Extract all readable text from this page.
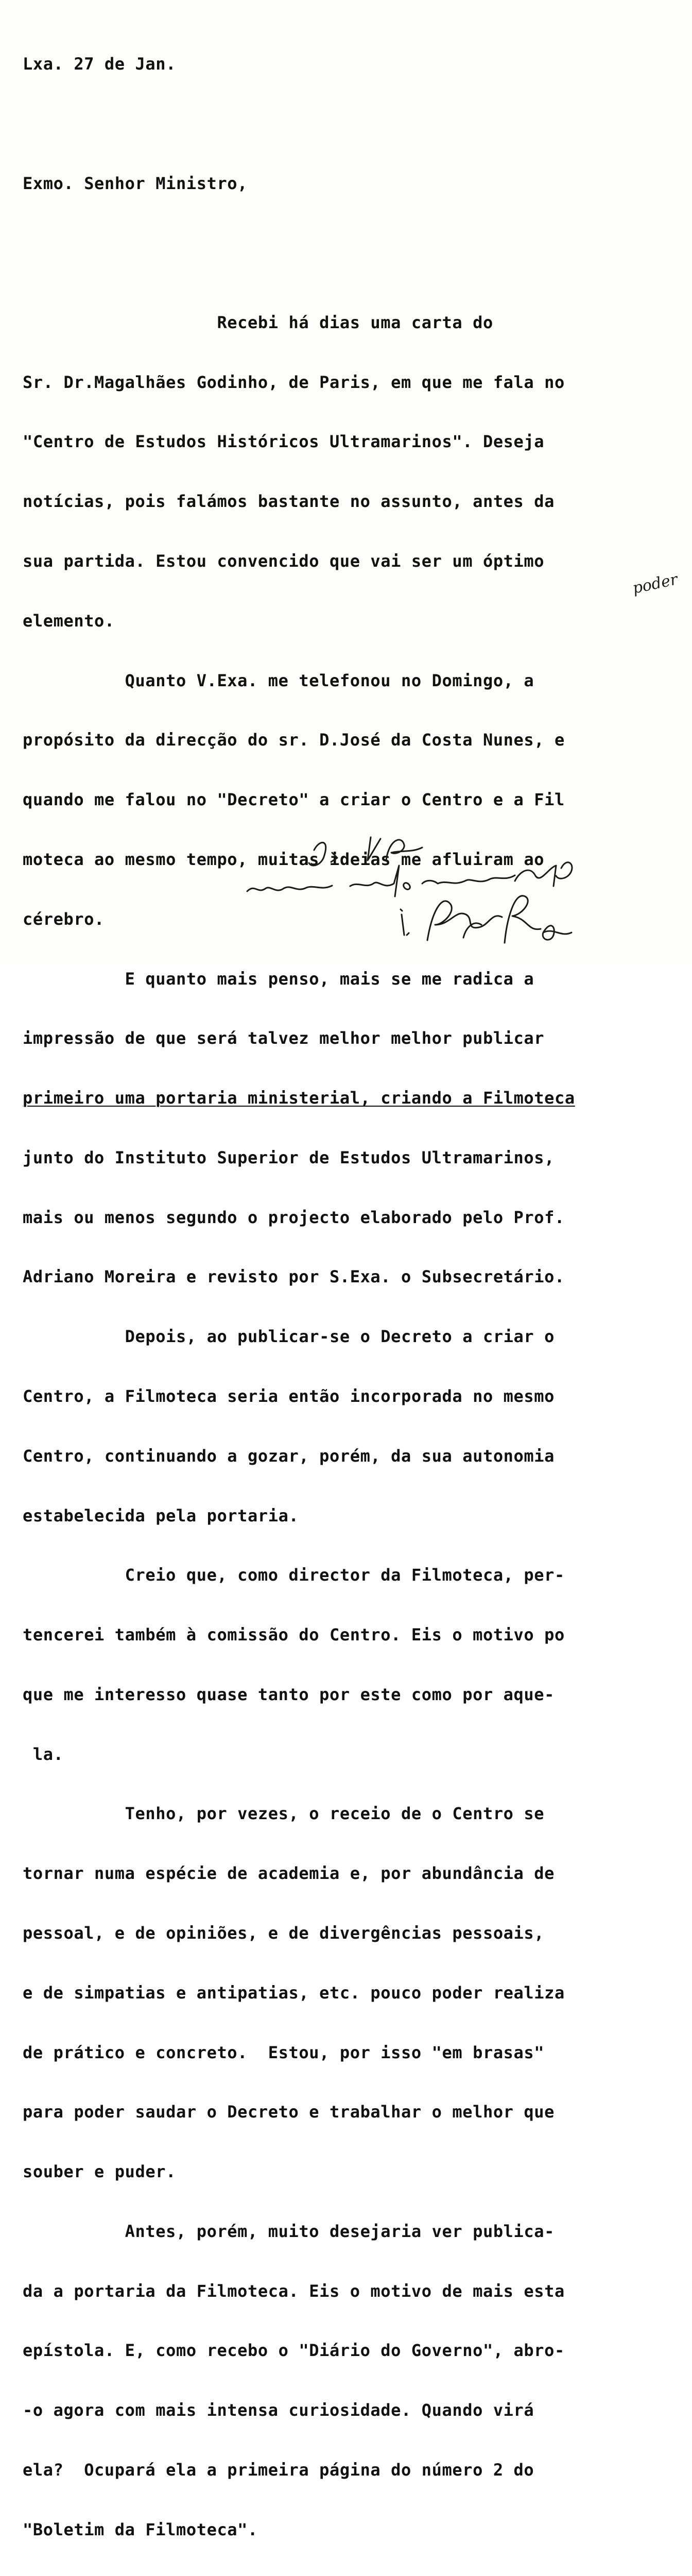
Lxa. 27 de Jan.

Exmo. Senhor Ministro,

Recebi há dias uma carta do

Sr. Dr.Magalhães Godinho, de Paris, em que me fala no

"Centro de Estudos Históricos Ultramarinos". Deseja

notícias, pois falámos bastante no assunto, antes da

sua partida. Estou convencido que vai ser um óptimo

elemento.

Quanto V.Exa. me telefonou no Domingo, a

propósito da direcção do sr. D.José da Costa Nunes, e

quando me falou no "Decreto" a criar o Centro e a Fil

moteca ao mesmo tempo, muitas ideias me afluiram ao

cérebro.

E quanto mais penso, mais se me radica a

impressão de que será talvez melhor melhor publicar

primeiro uma portaria ministerial, criando a Filmoteca

junto do Instituto Superior de Estudos Ultramarinos,

mais ou menos segundo o projecto elaborado pelo Prof.

Adriano Moreira e revisto por S.Exa. o Subsecretário.

Depois, ao publicar-se o Decreto a criar o

Centro, a Filmoteca seria então incorporada no mesmo

Centro, continuando a gozar, porém, da sua autonomia

estabelecida pela portaria.

Creio que, como director da Filmoteca, per-

tencerei também à comissão do Centro. Eis o motivo po

que me interesso quase tanto por este como por aque-

la.

Tenho, por vezes, o receio de o Centro se

tornar numa espécie de academia e, por abundância de

pessoal, e de opiniões, e de divergências pessoais,

e de simpatias e antipatias, etc. pouco poder realiza

de prático e concreto.  Estou, por isso "em brasas"

para poder saudar o Decreto e trabalhar o melhor que

souber e puder.

Antes, porém, muito desejaria ver publica-

da a portaria da Filmoteca. Eis o motivo de mais esta

epístola. E, como recebo o "Diário do Governo", abro-

-o agora com mais intensa curiosidade. Quando virá

ela?  Ocupará ela a primeira página do número 2 do

"Boletim da Filmoteca".

poder
